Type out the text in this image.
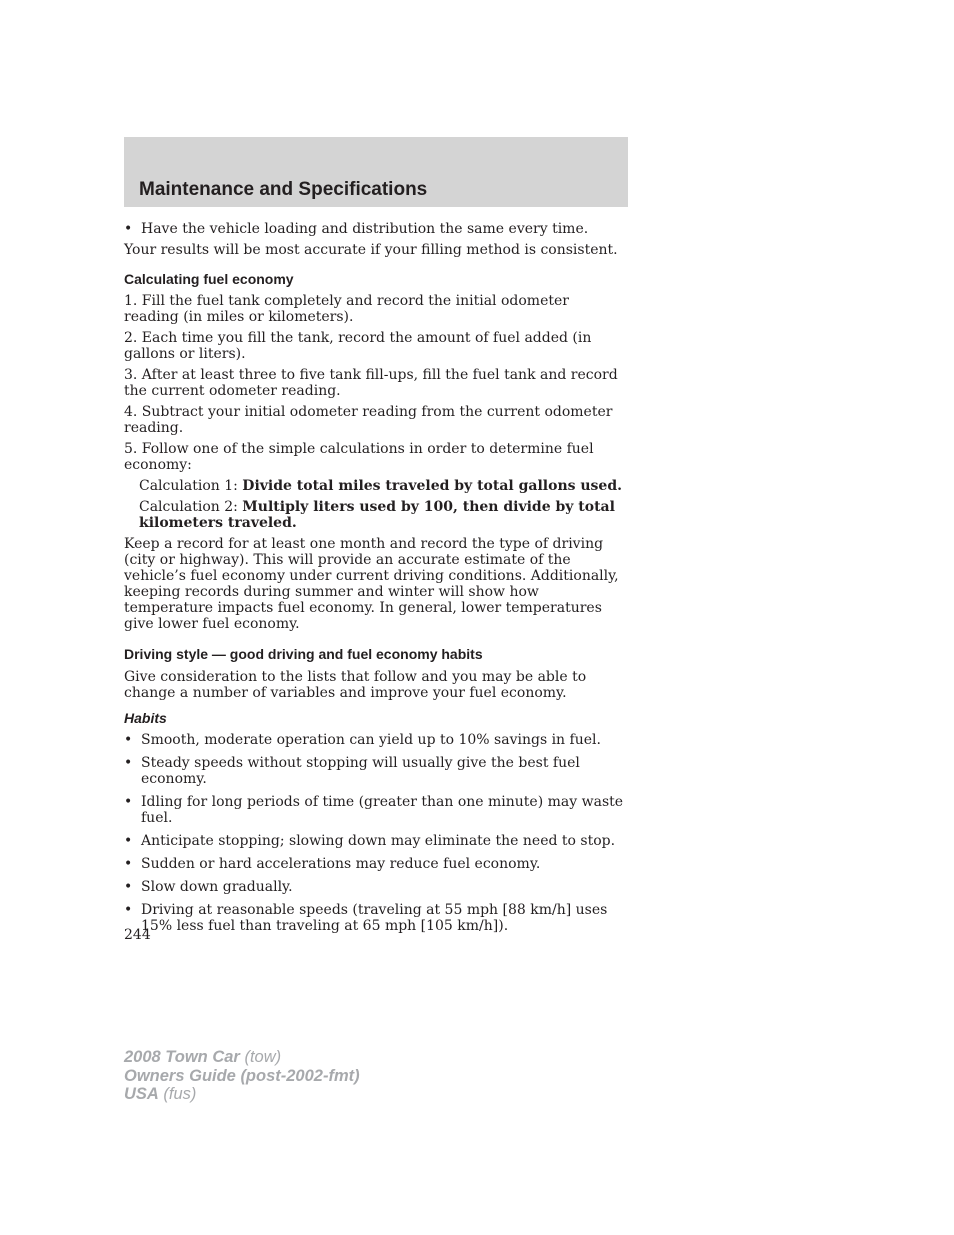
Maintenance and Specifications
• Have the vehicle loading and distribution the same every time.

Your results will be most accurate if your filling method is consistent.

Calculating fuel economy

1. Fill the fuel tank completely and record the initial odometer reading (in miles or kilometers).

2. Each time you fill the tank, record the amount of fuel added (in gallons or liters).

3. After at least three to five tank fill-ups, fill the fuel tank and record the current odometer reading.

4. Subtract your initial odometer reading from the current odometer reading.

5. Follow one of the simple calculations in order to determine fuel economy:

Calculation 1: Divide total miles traveled by total gallons used.

Calculation 2: Multiply liters used by 100, then divide by total kilometers traveled.

Keep a record for at least one month and record the type of driving (city or highway). This will provide an accurate estimate of the vehicle’s fuel economy under current driving conditions. Additionally, keeping records during summer and winter will show how temperature impacts fuel economy. In general, lower temperatures give lower fuel economy.

Driving style — good driving and fuel economy habits

Give consideration to the lists that follow and you may be able to change a number of variables and improve your fuel economy.

Habits
• Smooth, moderate operation can yield up to 10% savings in fuel.
• Steady speeds without stopping will usually give the best fuel economy.
• Idling for long periods of time (greater than one minute) may waste fuel.
• Anticipate stopping; slowing down may eliminate the need to stop.
• Sudden or hard accelerations may reduce fuel economy.
• Slow down gradually.
• Driving at reasonable speeds (traveling at 55 mph [88 km/h] uses 15% less fuel than traveling at 65 mph [105 km/h]).
244
2008 Town Car (tow)
Owners Guide (post-2002-fmt)
USA (fus)
